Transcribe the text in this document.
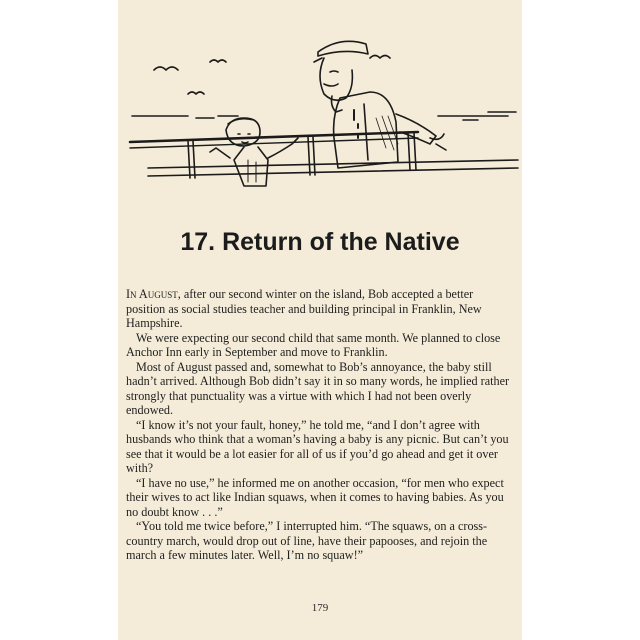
17. Return of the Native

In August, after our second winter on the island, Bob accepted a better position as social studies teacher and building principal in Franklin, New Hampshire.

We were expecting our second child that same month. We planned to close Anchor Inn early in September and move to Franklin.

Most of August passed and, somewhat to Bob’s annoyance, the baby still hadn’t arrived. Although Bob didn’t say it in so many words, he implied rather strongly that punctuality was a virtue with which I had not been overly endowed.

“I know it’s not your fault, honey,” he told me, “and I don’t agree with husbands who think that a woman’s having a baby is any picnic. But can’t you see that it would be a lot easier for all of us if you’d go ahead and get it over with?

“I have no use,” he informed me on another occasion, “for men who expect their wives to act like Indian squaws, when it comes to having babies. As you no doubt know . . .”

“You told me twice before,” I interrupted him. “The squaws, on a cross-country march, would drop out of line, have their papooses, and rejoin the march a few minutes later. Well, I’m no squaw!”

179
